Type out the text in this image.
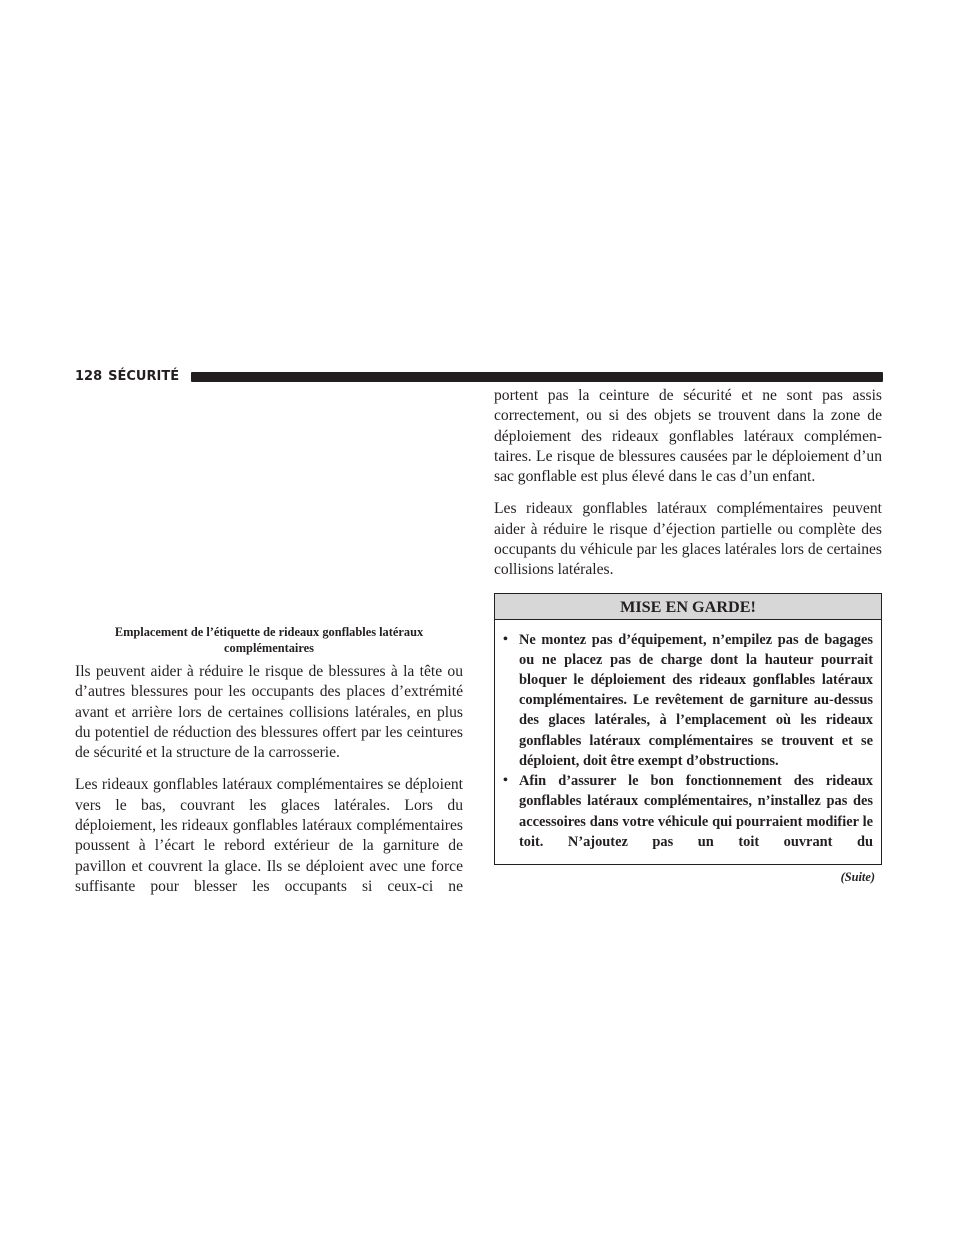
128 SÉCURITÉ

Emplacement de l’étiquette de rideaux gonflables latéraux complémentaires

Ils peuvent aider à réduire le risque de blessures à la tête ou d’autres blessures pour les occupants des places d’extrémité avant et arrière lors de certaines collisions latérales, en plus du potentiel de réduction des blessures offert par les ceintures de sécurité et la structure de la carrosserie.

Les rideaux gonflables latéraux complémentaires se déploient vers le bas, couvrant les glaces latérales. Lors du déploiement, les rideaux gonflables latéraux complémentaires poussent à l’écart le rebord extérieur de la garniture de pavillon et couvrent la glace. Ils se déploient avec une force suffisante pour blesser les occupants si ceux-ci ne

portent pas la ceinture de sécurité et ne sont pas assis correctement, ou si des objets se trouvent dans la zone de déploiement des rideaux gonflables latéraux complémentaires. Le risque de blessures causées par le déploiement d’un sac gonflable est plus élevé dans le cas d’un enfant.

Les rideaux gonflables latéraux complémentaires peuvent aider à réduire le risque d’éjection partielle ou complète des occupants du véhicule par les glaces latérales lors de certaines collisions latérales.

MISE EN GARDE!
• Ne montez pas d’équipement, n’empilez pas de bagages ou ne placez pas de charge dont la hauteur pourrait bloquer le déploiement des rideaux gonflables latéraux complémentaires. Le revêtement de garniture au-dessus des glaces latérales, à l’emplacement où les rideaux gonflables latéraux complémentaires se trouvent et se déploient, doit être exempt d’obstructions.
• Afin d’assurer le bon fonctionnement des rideaux gonflables latéraux complémentaires, n’installez pas des accessoires dans votre véhicule qui pourraient modifier le toit. N’ajoutez pas un toit ouvrant du
(Suite)
